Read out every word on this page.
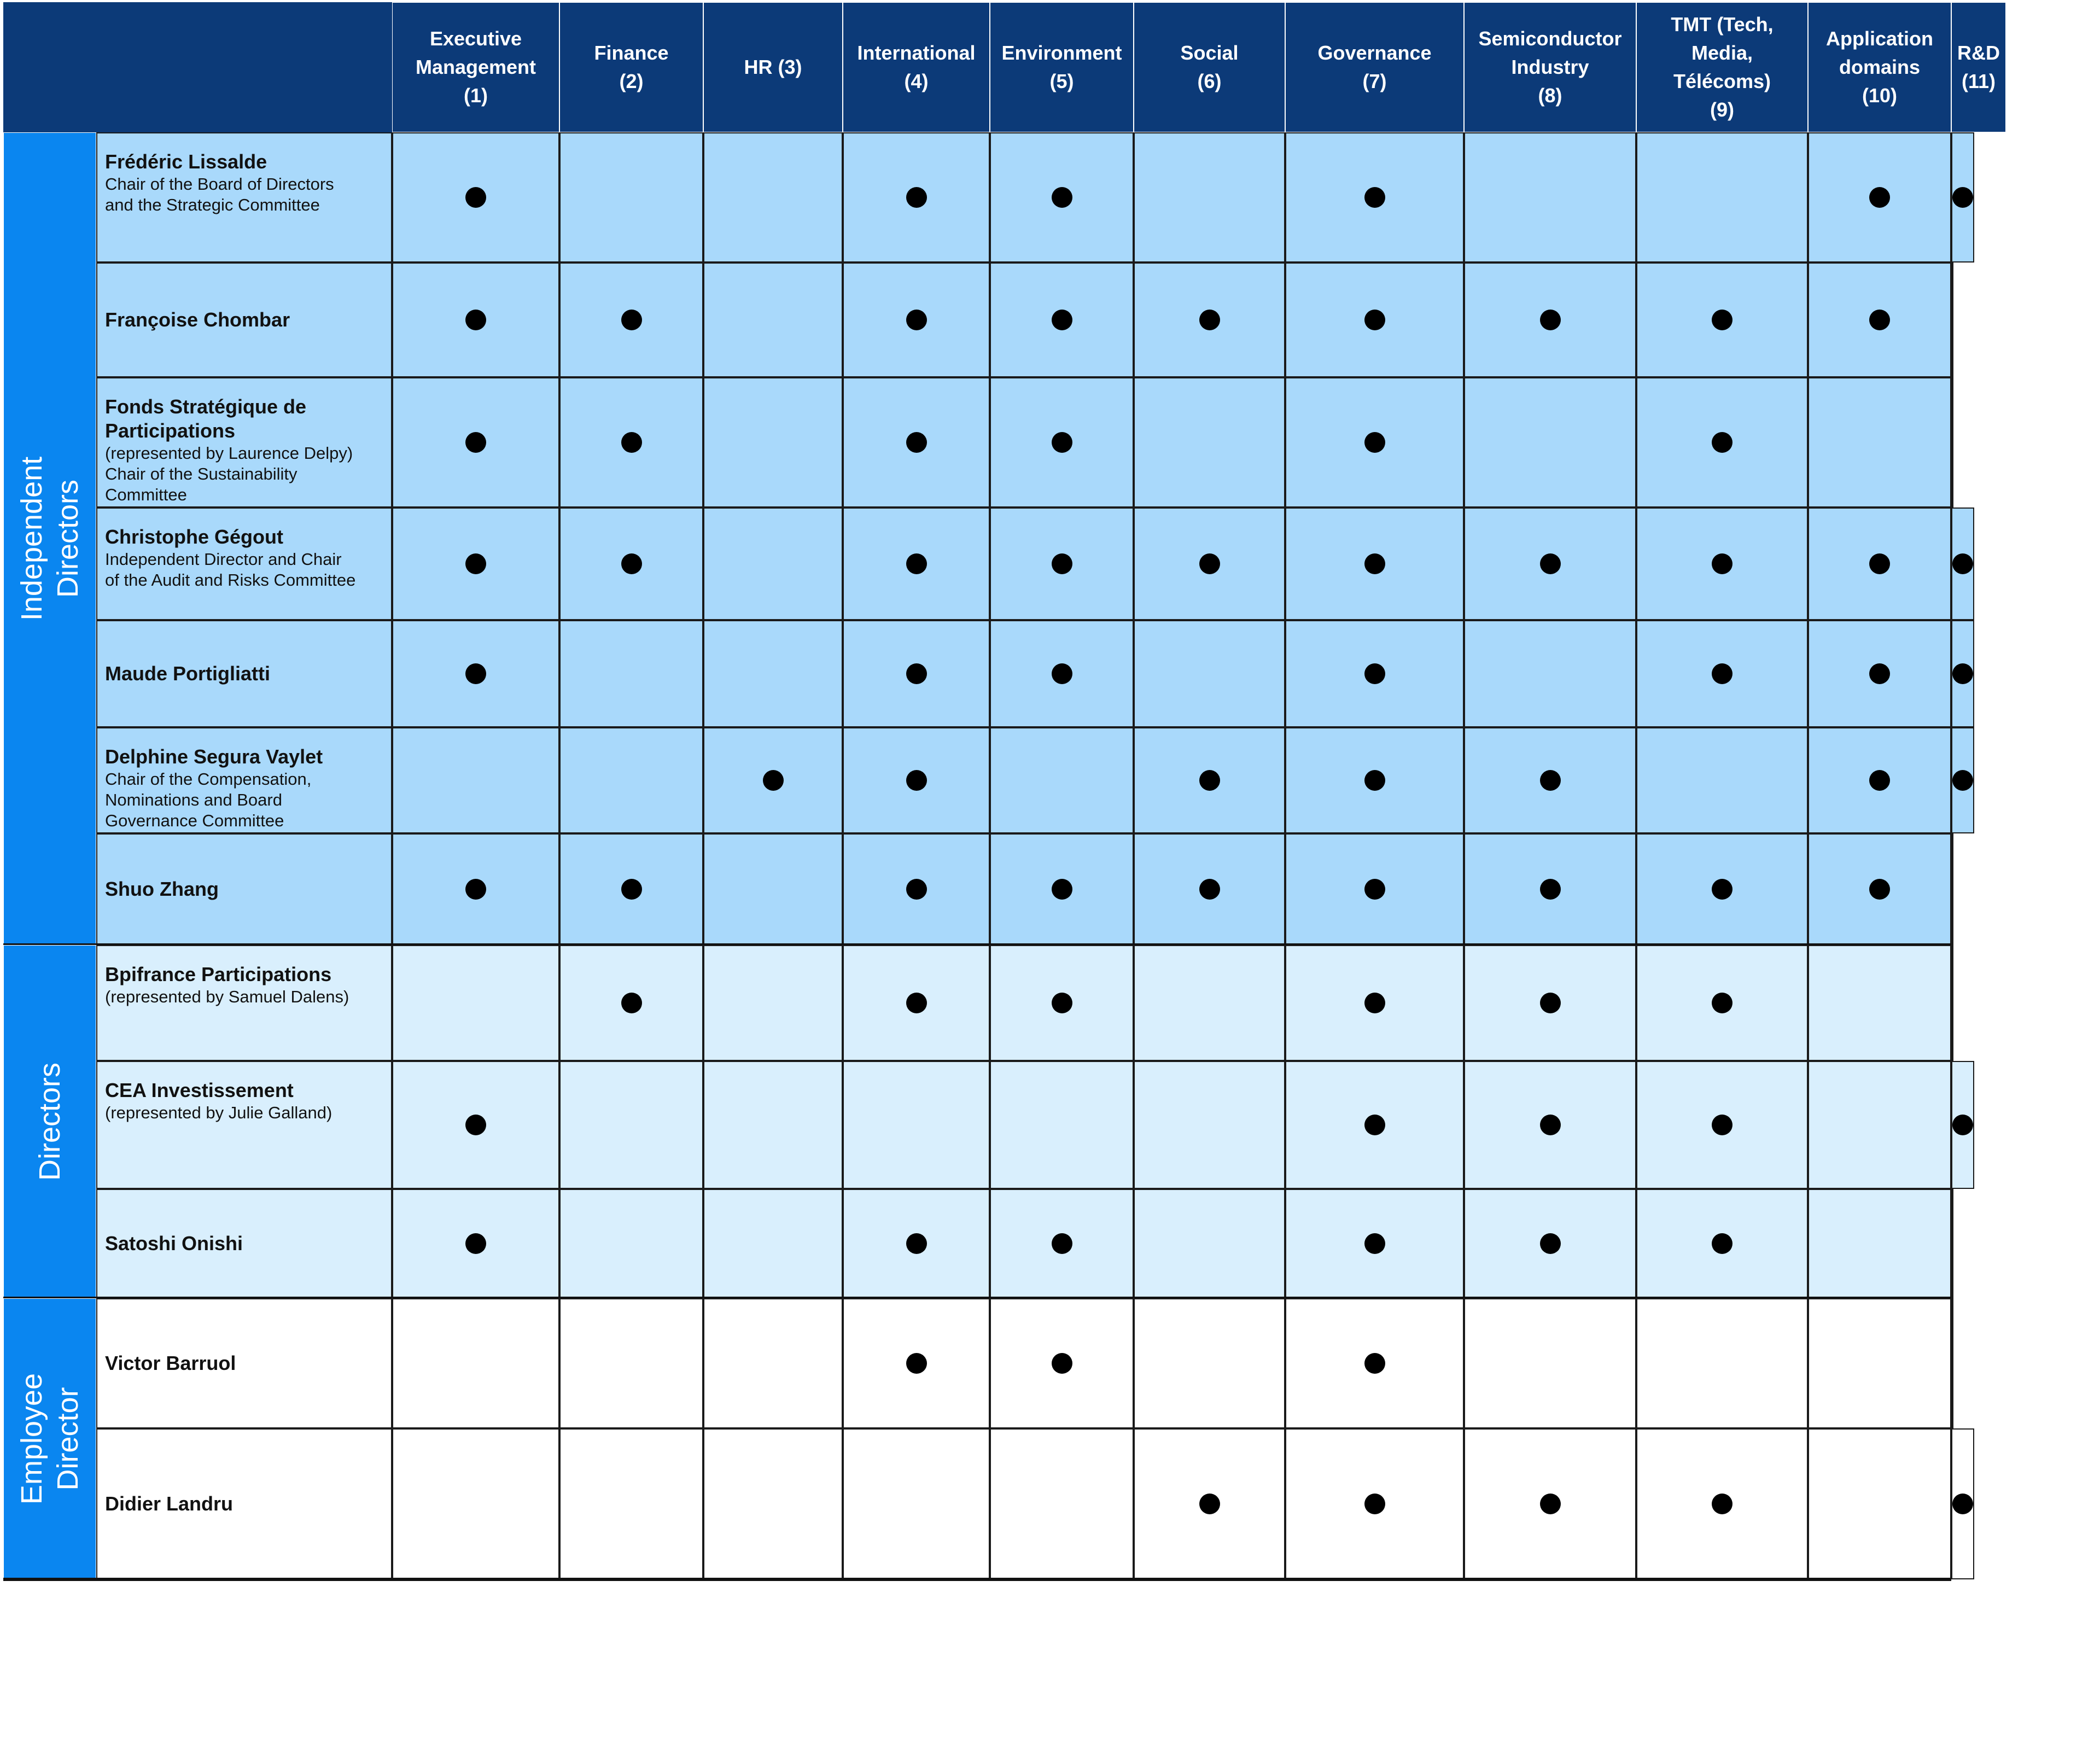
Executive
Management
(1)
Finance
(2)
HR (3)
International
(4)
Environment
(5)
Social
(6)
Governance
(7)
Semiconductor
Industry
(8)
TMT (Tech,
Media,
Télécoms)
(9)
Application
domains
(10)
R&D
(11)
Independent Directors
Frédéric Lissalde
Chair of the Board of Directors
and the Strategic Committee
Françoise Chombar
Fonds Stratégique de
Participations
(represented by Laurence Delpy)
Chair of the Sustainability
Committee
Christophe Gégout
Independent Director and Chair
of the Audit and Risks Committee
Maude Portigliatti
Delphine Segura Vaylet
Chair of the Compensation,
Nominations and Board
Governance Committee
Shuo Zhang
Directors
Bpifrance Participations
(represented by Samuel Dalens)
CEA Investissement
(represented by Julie Galland)
Satoshi Onishi
Employee
Director
Victor Barruol
Didier Landru
